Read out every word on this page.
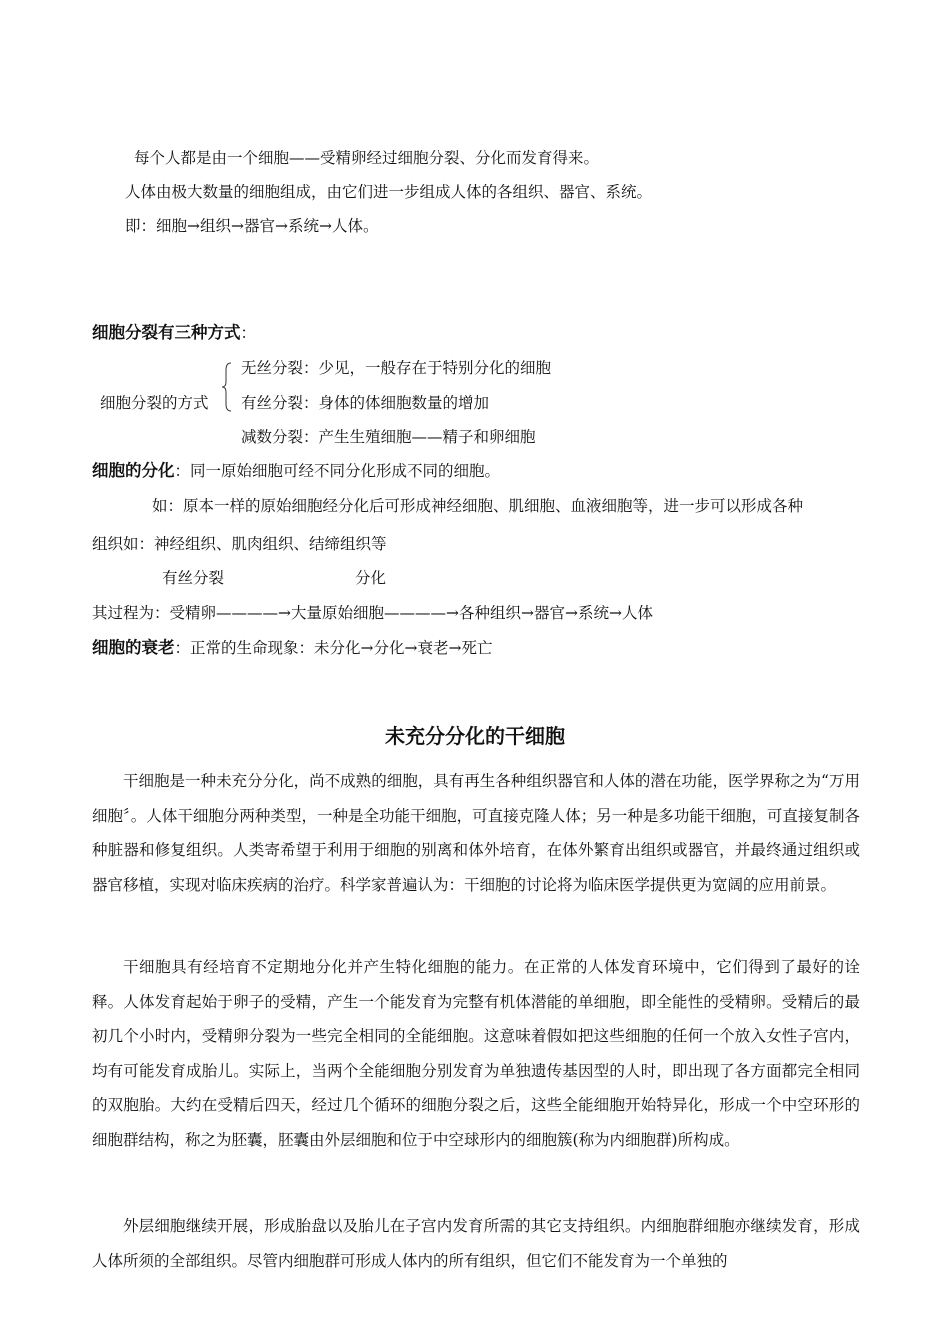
每个人都是由一个细胞——受精卵经过细胞分裂、分化而发育得来。
人体由极大数量的细胞组成，由它们进一步组成人体的各组织、器官、系统。
即：细胞→组织→器官→系统→人体。
细胞分裂有三种方式：
细胞分裂的方式
无丝分裂：少见，一般存在于特别分化的细胞
有丝分裂：身体的体细胞数量的增加
减数分裂：产生生殖细胞——精子和卵细胞
细胞的分化：同一原始细胞可经不同分化形成不同的细胞。
如：原本一样的原始细胞经分化后可形成神经细胞、肌细胞、血液细胞等，进一步可以形成各种
组织如：神经组织、肌肉组织、结缔组织等
有丝分裂	分化
其过程为：受精卵————→大量原始细胞————→各种组织→器官→系统→人体
细胞的衰老：正常的生命现象：未分化→分化→衰老→死亡
未充分分化的干细胞
干细胞是一种未充分分化，尚不成熟的细胞，具有再生各种组织器官和人体的潜在功能，医学界称之为“万用细胞〞。人体干细胞分两种类型，一种是全功能干细胞，可直接克隆人体；另一种是多功能干细胞，可直接复制各种脏器和修复组织。人类寄希望于利用于细胞的别离和体外培育，在体外繁育出组织或器官，并最终通过组织或器官移植，实现对临床疾病的治疗。科学家普遍认为：干细胞的讨论将为临床医学提供更为宽阔的应用前景。
干细胞具有经培育不定期地分化并产生特化细胞的能力。在正常的人体发育环境中，它们得到了最好的诠释。人体发育起始于卵子的受精，产生一个能发育为完整有机体潜能的单细胞，即全能性的受精卵。受精后的最初几个小时内，受精卵分裂为一些完全相同的全能细胞。这意味着假如把这些细胞的任何一个放入女性子宫内，均有可能发育成胎儿。实际上，当两个全能细胞分别发育为单独遗传基因型的人时，即出现了各方面都完全相同的双胞胎。大约在受精后四天，经过几个循环的细胞分裂之后，这些全能细胞开始特异化，形成一个中空环形的细胞群结构，称之为胚囊，胚囊由外层细胞和位于中空球形内的细胞簇(称为内细胞群)所构成。
外层细胞继续开展，形成胎盘以及胎儿在子宫内发育所需的其它支持组织。内细胞群细胞亦继续发育，形成人体所须的全部组织。尽管内细胞群可形成人体内的所有组织，但它们不能发育为一个单独的
